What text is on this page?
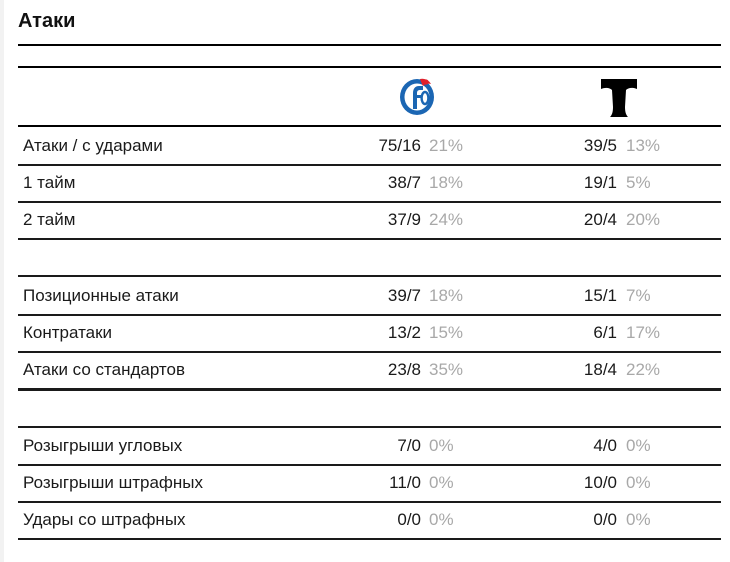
Атаки
Атаки / с ударами	75/16 21%	39/5 13%
1 тайм	38/7 18%	19/1 5%
2 тайм	37/9 24%	20/4 20%
Позиционные атаки	39/7 18%	15/1 7%
Контратаки	13/2 15%	6/1 17%
Атаки со стандартов	23/8 35%	18/4 22%
Розыгрыши угловых	7/0 0%	4/0 0%
Розыгрыши штрафных	11/0 0%	10/0 0%
Удары со штрафных	0/0 0%	0/0 0%
